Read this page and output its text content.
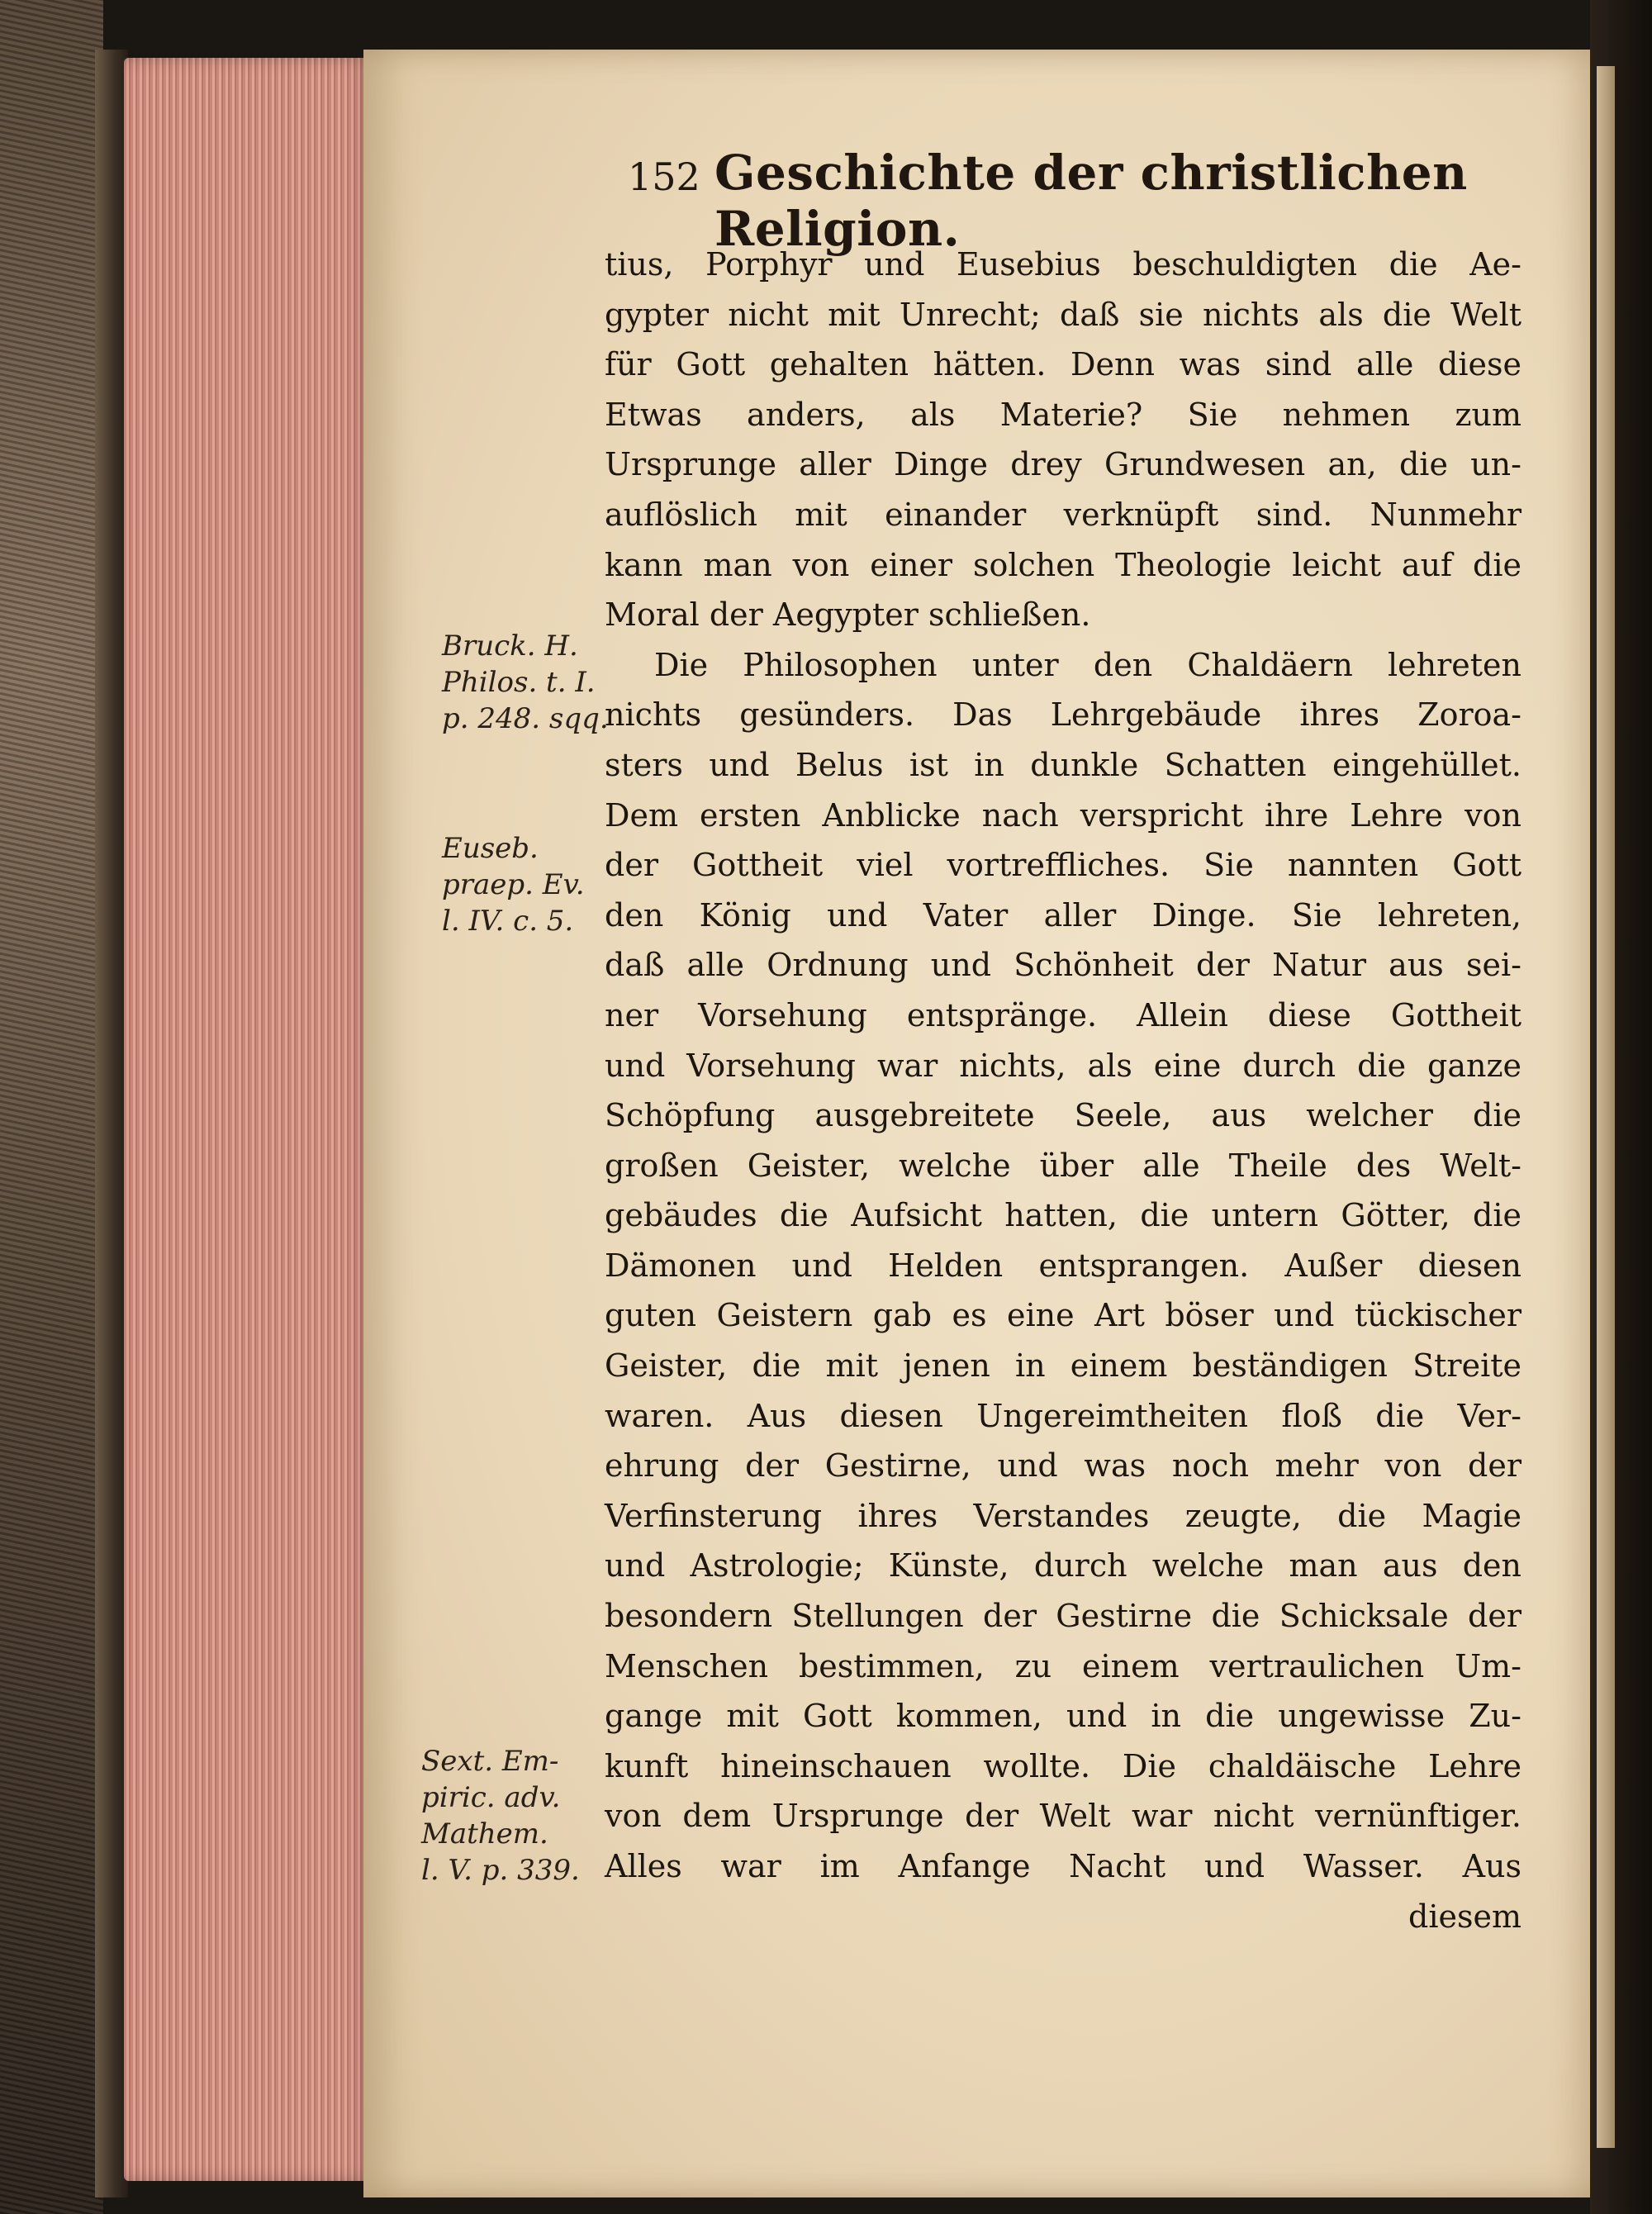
152 Geschichte der christlichen Religion.
tius, Porphyr und Eusebius beschuldigten die Ae-
gypter nicht mit Unrecht; daß sie nichts als die Welt
für Gott gehalten hätten. Denn was sind alle diese
Etwas anders, als Materie? Sie nehmen zum
Ursprunge aller Dinge drey Grundwesen an, die un-
auflöslich mit einander verknüpft sind. Nunmehr
kann man von einer solchen Theologie leicht auf die
Moral der Aegypter schließen.
Die Philosophen unter den Chaldäern lehreten
nichts gesünders. Das Lehrgebäude ihres Zoroa-
sters und Belus ist in dunkle Schatten eingehüllet.
Dem ersten Anblicke nach verspricht ihre Lehre von
der Gottheit viel vortreffliches. Sie nannten Gott
den König und Vater aller Dinge. Sie lehreten,
daß alle Ordnung und Schönheit der Natur aus sei-
ner Vorsehung entspränge. Allein diese Gottheit
und Vorsehung war nichts, als eine durch die ganze
Schöpfung ausgebreitete Seele, aus welcher die
großen Geister, welche über alle Theile des Welt-
gebäudes die Aufsicht hatten, die untern Götter, die
Dämonen und Helden entsprangen. Außer diesen
guten Geistern gab es eine Art böser und tückischer
Geister, die mit jenen in einem beständigen Streite
waren. Aus diesen Ungereimtheiten floß die Ver-
ehrung der Gestirne, und was noch mehr von der
Verfinsterung ihres Verstandes zeugte, die Magie
und Astrologie; Künste, durch welche man aus den
besondern Stellungen der Gestirne die Schicksale der
Menschen bestimmen, zu einem vertraulichen Um-
gange mit Gott kommen, und in die ungewisse Zu-
kunft hineinschauen wollte. Die chaldäische Lehre
von dem Ursprunge der Welt war nicht vernünftiger.
Alles war im Anfange Nacht und Wasser. Aus
diesem
Bruck. H.
Philos. t. I.
p. 248. sqq.
Euseb.
praep. Ev.
l. IV. c. 5.
Sext. Em-
piric. adv.
Mathem.
l. V. p. 339.
